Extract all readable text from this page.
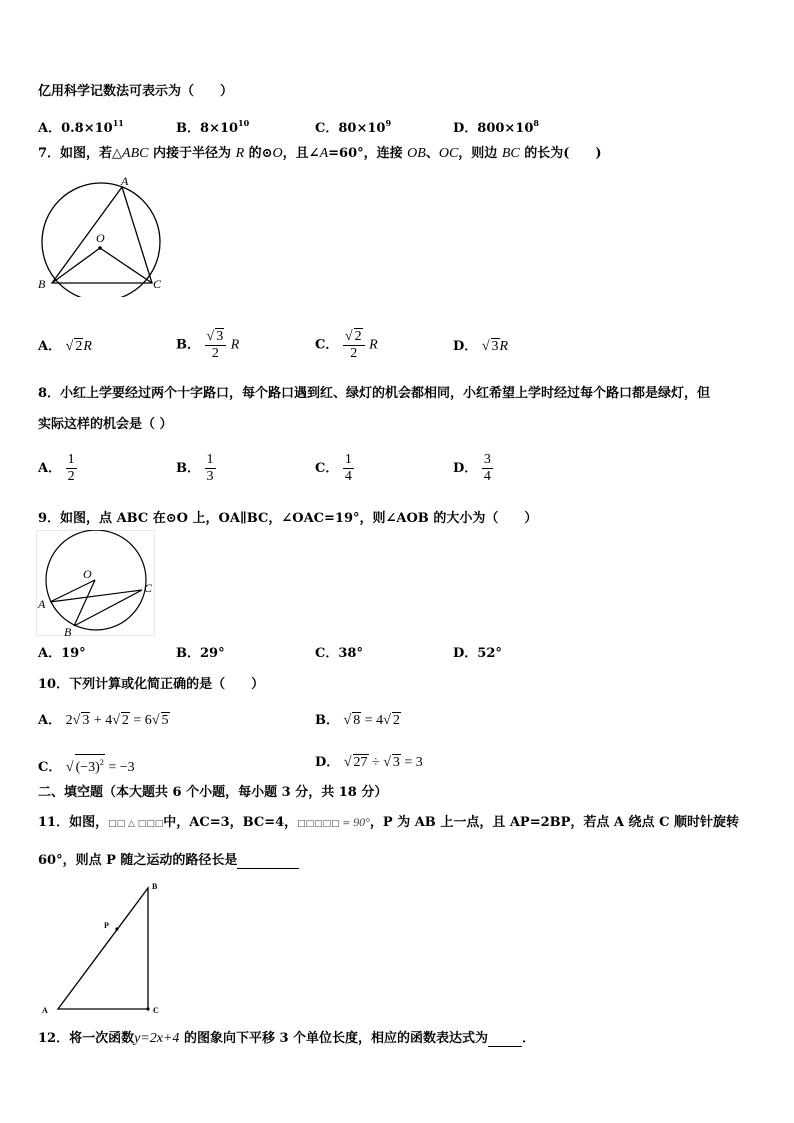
亿用科学记数法可表示为（　　）
A．$0.8\times 10^{11}$	B．$8\times 10^{10}$	C．$80\times 10^9$	D．$800\times 10^8$
7．如图，若△ABC 内接于半径为 R 的⊙O，且∠A=60°，连接 OB、OC，则边 BC 的长为(　　)
A
O
B	C
A． √ 2R	B． $\frac{√ 3}{2}$ R	C． $\frac{√ 2}{2}$ R	D． √ 3R
8．小红上学要经过两个十字路口，每个路口遇到红、绿灯的机会都相同，小红希望上学时经过每个路口都是绿灯，但
实际这样的机会是（ ）
A． $\frac{1}{2}$	B． $\frac{1}{3}$	C． $\frac{1}{4}$	D． $\frac{3}{4}$
9．如图，点 ABC 在⊙O 上，OA∥BC，∠OAC=19°，则∠AOB 的大小为（　　）
O
A
B
C
A．19°	B．29°	C．38°	D．52°
10．下列计算或化简正确的是（　　）
A． 2√ 3 + 4√ 2 = 6√ 5	B． √ 8 = 4√ 2
C． √ $(-3)^2 = -3$	D． √ 27 ÷ √ 3 = 3
二、填空题（本大题共 6 个小题，每小题 3 分，共 18 分）
11．如图，□□ △ □□□中，AC=3，BC=4，□□□□□ = 90°，P 为 AB 上一点，且 AP=2BP，若点 A 绕点 C 顺时针旋转
60°，则点 P 随之运动的路径长是
B
P
A	C
12．将一次函数y=2x+4 的图象向下平移 3 个单位长度，相应的函数表达式为	．
